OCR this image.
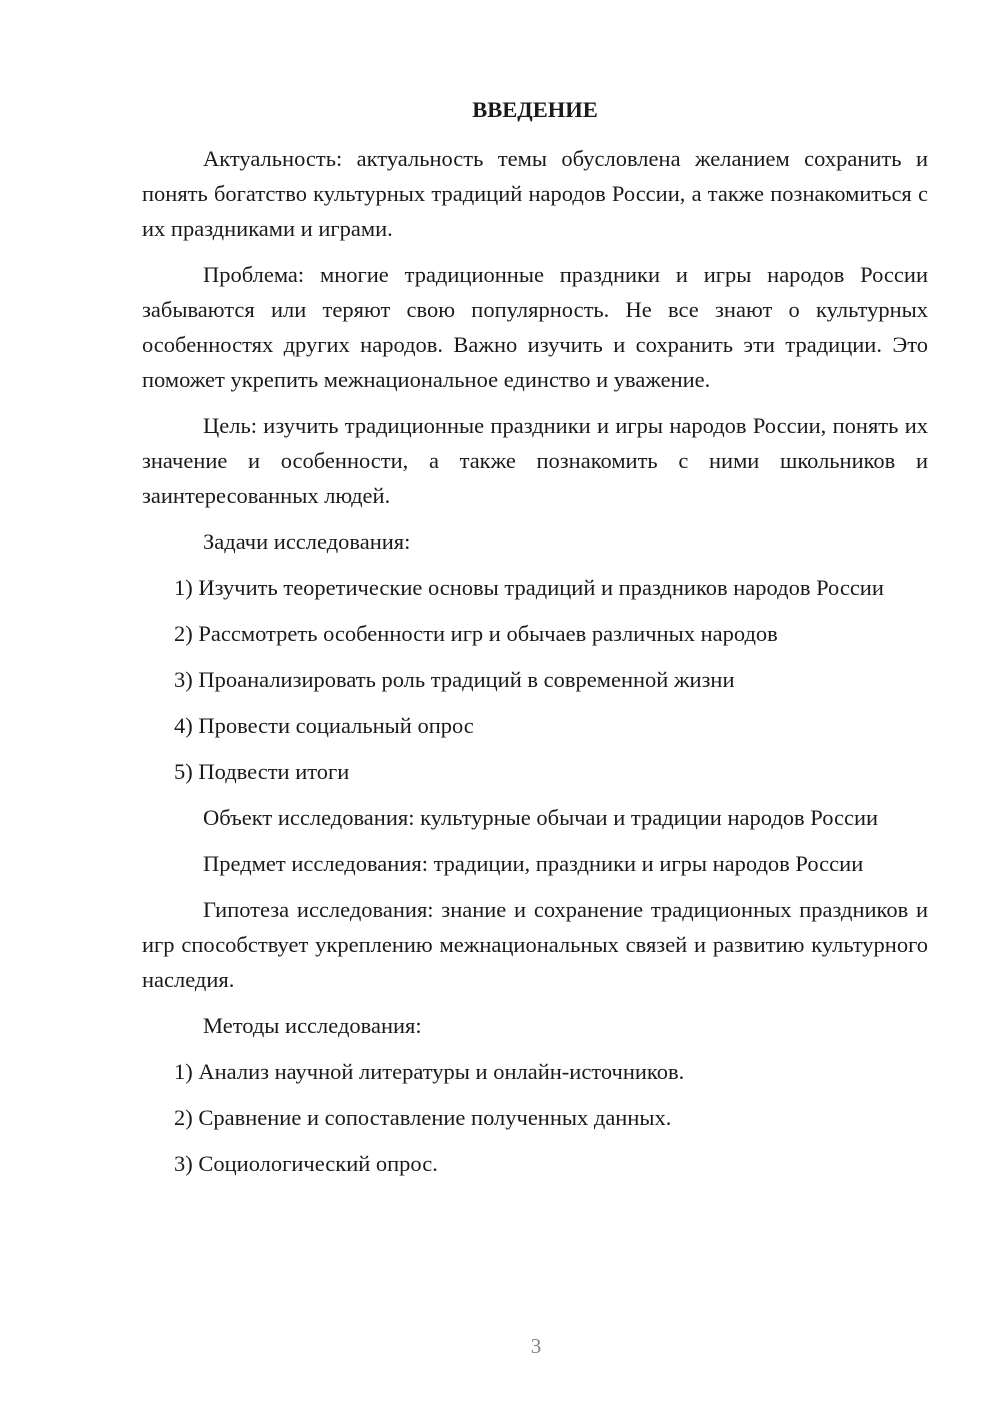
ВВЕДЕНИЕ

Актуальность: актуальность темы обусловлена желанием сохранить и понять богатство культурных традиций народов России, а также познакомиться с их праздниками и играми.

Проблема: многие традиционные праздники и игры народов России забываются или теряют свою популярность. Не все знают о культурных особенностях других народов. Важно изучить и сохранить эти традиции. Это поможет укрепить межнациональное единство и уважение.

Цель: изучить традиционные праздники и игры народов России, понять их значение и особенности, а также познакомить с ними школьников и заинтересованных людей.

Задачи исследования:

1) Изучить теоретические основы традиций и праздников народов России

2) Рассмотреть особенности игр и обычаев различных народов

3) Проанализировать роль традиций в современной жизни

4) Провести социальный опрос

5) Подвести итоги

Объект исследования: культурные обычаи и традиции народов России

Предмет исследования: традиции, праздники и игры народов России

Гипотеза исследования: знание и сохранение традиционных праздников и игр способствует укреплению межнациональных связей и развитию культурного наследия.

Методы исследования:

1) Анализ научной литературы и онлайн-источников.

2) Сравнение и сопоставление полученных данных.

3) Социологический опрос.

3
